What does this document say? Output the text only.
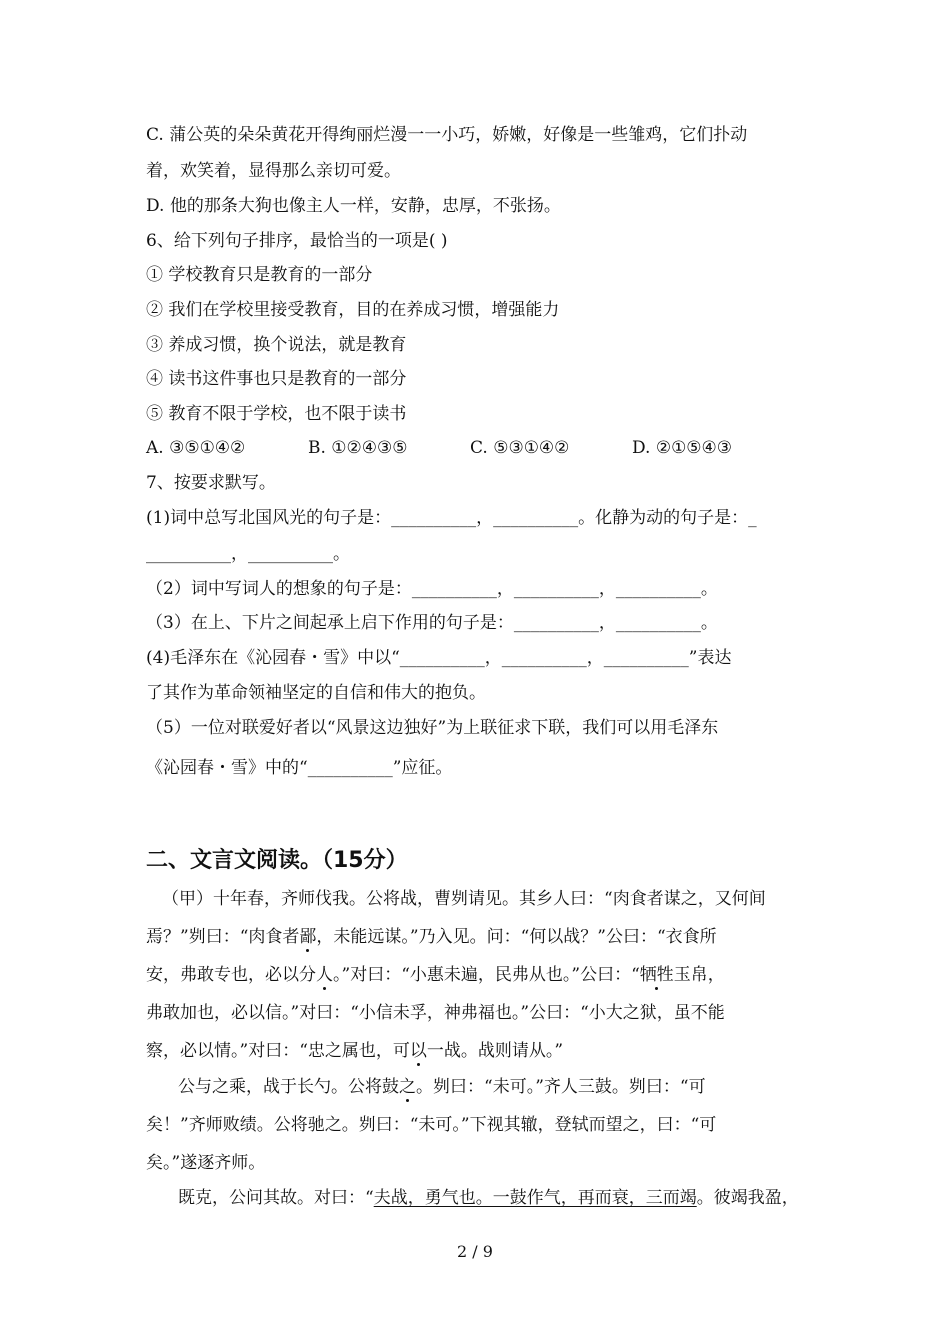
C. 蒲公英的朵朵黄花开得绚丽烂漫一一小巧，娇嫩，好像是一些雏鸡，它们扑动
着，欢笑着，显得那么亲切可爱。
D. 他的那条大狗也像主人一样，安静，忠厚，不张扬。
6、给下列句子排序，最恰当的一项是( )
① 学校教育只是教育的一部分
② 我们在学校里接受教育，目的在养成习惯，增强能力
③ 养成习惯，换个说法，就是教育
④ 读书这件事也只是教育的一部分
⑤ 教育不限于学校，也不限于读书
A. ③⑤①④②	B. ①②④③⑤	C. ⑤③①④②	D. ②①⑤④③
7、按要求默写。
(1)词中总写北国风光的句子是：__________，__________。化静为动的句子是：_
__________，__________。
（2）词中写词人的想象的句子是：__________，__________，__________。
（3）在上、下片之间起承上启下作用的句子是：__________，__________。
(4)毛泽东在《沁园春・雪》中以“__________，__________，__________”表达
了其作为革命领袖坚定的自信和伟大的抱负。
（5）一位对联爱好者以“风景这边独好”为上联征求下联，我们可以用毛泽东
《沁园春・雪》中的“__________”应征。
二、文言文阅读。（15分）
（甲）十年春，齐师伐我。公将战，曹刿请见。其乡人曰：“肉食者谋之，又何间
焉？”刿曰：“肉食者鄙，未能远谋。”乃入见。问：“何以战？”公曰：“衣食所
安，弗敢专也，必以分人。”对曰：“小惠未遍，民弗从也。”公曰：“牺牲玉帛，
弗敢加也，必以信。”对曰：“小信未孚，神弗福也。”公曰：“小大之狱，虽不能
察，必以情。”对曰：“忠之属也，可以一战。战则请从。”
公与之乘，战于长勺。公将鼓之。刿曰：“未可。”齐人三鼓。刿曰：“可
矣！”齐师败绩。公将驰之。刿曰：“未可。”下视其辙，登轼而望之，曰：“可
矣。”遂逐齐师。
既克，公问其故。对曰：“夫战，勇气也。一鼓作气，再而衰，三而竭。彼竭我盈，
2 / 9
